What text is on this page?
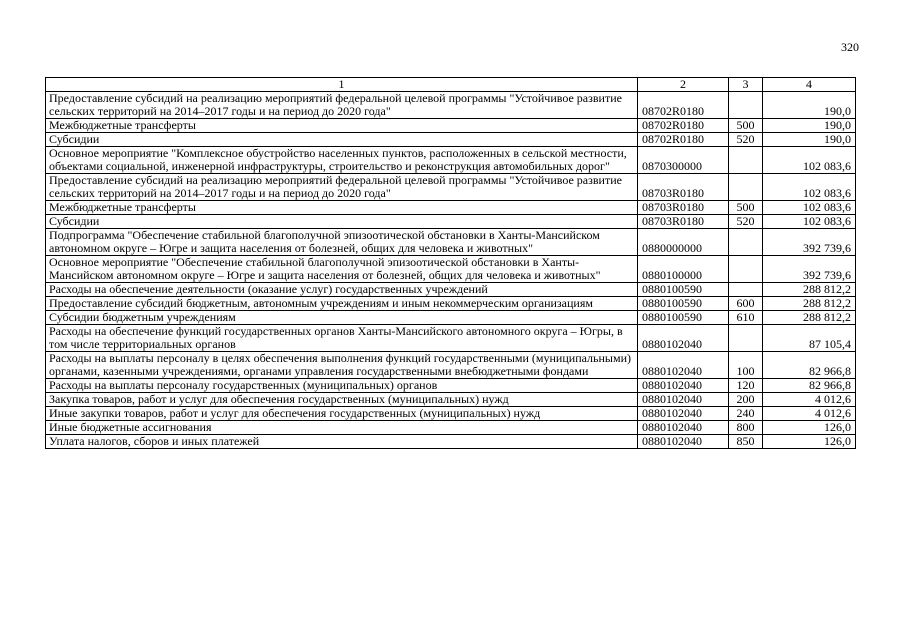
320
1	2	3	4
Предоставление субсидий на реализацию мероприятий федеральной целевой программы "Устойчивое развитие сельских территорий на 2014–2017 годы и на период до 2020 года"	08702R0180		190,0
Межбюджетные трансферты	08702R0180	500	190,0
Субсидии	08702R0180	520	190,0
Основное мероприятие "Комплексное обустройство населенных пунктов, расположенных в сельской местности, объектами социальной, инженерной инфраструктуры, строительство и реконструкция автомобильных дорог"	0870300000		102 083,6
Предоставление субсидий на реализацию мероприятий федеральной целевой программы "Устойчивое развитие сельских территорий на 2014–2017 годы и на период до 2020 года"	08703R0180		102 083,6
Межбюджетные трансферты	08703R0180	500	102 083,6
Субсидии	08703R0180	520	102 083,6
Подпрограмма "Обеспечение стабильной благополучной эпизоотической обстановки в Ханты-Мансийском автономном округе – Югре и защита населения от болезней, общих для человека и животных"	0880000000		392 739,6
Основное мероприятие "Обеспечение стабильной благополучной эпизоотической обстановки в Ханты-Мансийском автономном округе – Югре и защита населения от болезней, общих для человека и животных"	0880100000		392 739,6
Расходы на обеспечение деятельности (оказание услуг) государственных учреждений	0880100590		288 812,2
Предоставление субсидий бюджетным, автономным учреждениям и иным некоммерческим организациям	0880100590	600	288 812,2
Субсидии бюджетным учреждениям	0880100590	610	288 812,2
Расходы на обеспечение функций государственных органов Ханты-Мансийского автономного округа – Югры, в том числе территориальных органов	0880102040		87 105,4
Расходы на выплаты персоналу в целях обеспечения выполнения функций государственными (муниципальными) органами, казенными учреждениями, органами управления государственными внебюджетными фондами	0880102040	100	82 966,8
Расходы на выплаты персоналу государственных (муниципальных) органов	0880102040	120	82 966,8
Закупка товаров, работ и услуг для обеспечения государственных (муниципальных) нужд	0880102040	200	4 012,6
Иные закупки товаров, работ и услуг для обеспечения государственных (муниципальных) нужд	0880102040	240	4 012,6
Иные бюджетные ассигнования	0880102040	800	126,0
Уплата налогов, сборов и иных платежей	0880102040	850	126,0
